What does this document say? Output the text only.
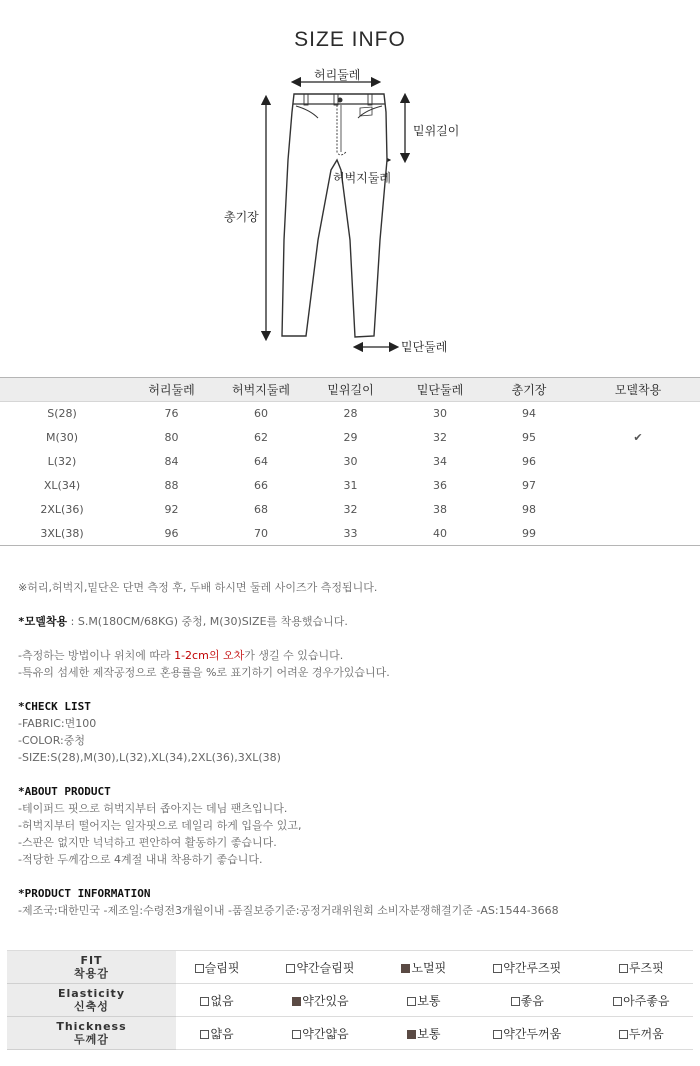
SIZE INFO
허리둘레
밑위길이
허벅지둘레
총기장
밑단둘레
	허리둘레	허벅지둘레	밑위길이	밑단둘레	총기장	모델착용
S(28)	76	60	28	30	94	
M(30)	80	62	29	32	95	✔
L(32)	84	64	30	34	96	
XL(34)	88	66	31	36	97	
2XL(36)	92	68	32	38	98	
3XL(38)	96	70	33	40	99	
※허리,허벅지,밑단은 단면 측정 후, 두배 하시면 둘레 사이즈가 측정됩니다.
*모델착용 : S.M(180CM/68KG) 중청, M(30)SIZE를 착용했습니다.
-측정하는 방법이나 위치에 따라 1-2cm의 오차가 생길 수 있습니다.
-특유의 섬세한 제작공정으로 혼용률을 %로 표기하기 어려운 경우가있습니다.
*CHECK LIST
-FABRIC:면100
-COLOR:중청
-SIZE:S(28),M(30),L(32),XL(34),2XL(36),3XL(38)
*ABOUT PRODUCT
-테이퍼드 핏으로 허벅지부터 좁아지는 데님 팬츠입니다.
-허벅지부터 떨어지는 일자핏으로 데일리 하게 입을수 있고,
-스판은 없지만 넉넉하고 편안하여 활동하기 좋습니다.
-적당한 두께감으로 4계절 내내 착용하기 좋습니다.
*PRODUCT INFORMATION
-제조국:대한민국 -제조일:수령전3개월이내 -품질보증기준:공정거래위원회 소비자분쟁해결기준 -AS:1544-3668
FIT
착용감	슬림핏	약간슬림핏	노멀핏	약간루즈핏	루즈핏
Elasticity
신축성	없음	약간있음	보통	좋음	아주좋음
Thickness
두께감	얇음	약간얇음	보통	약간두꺼움	두꺼움
